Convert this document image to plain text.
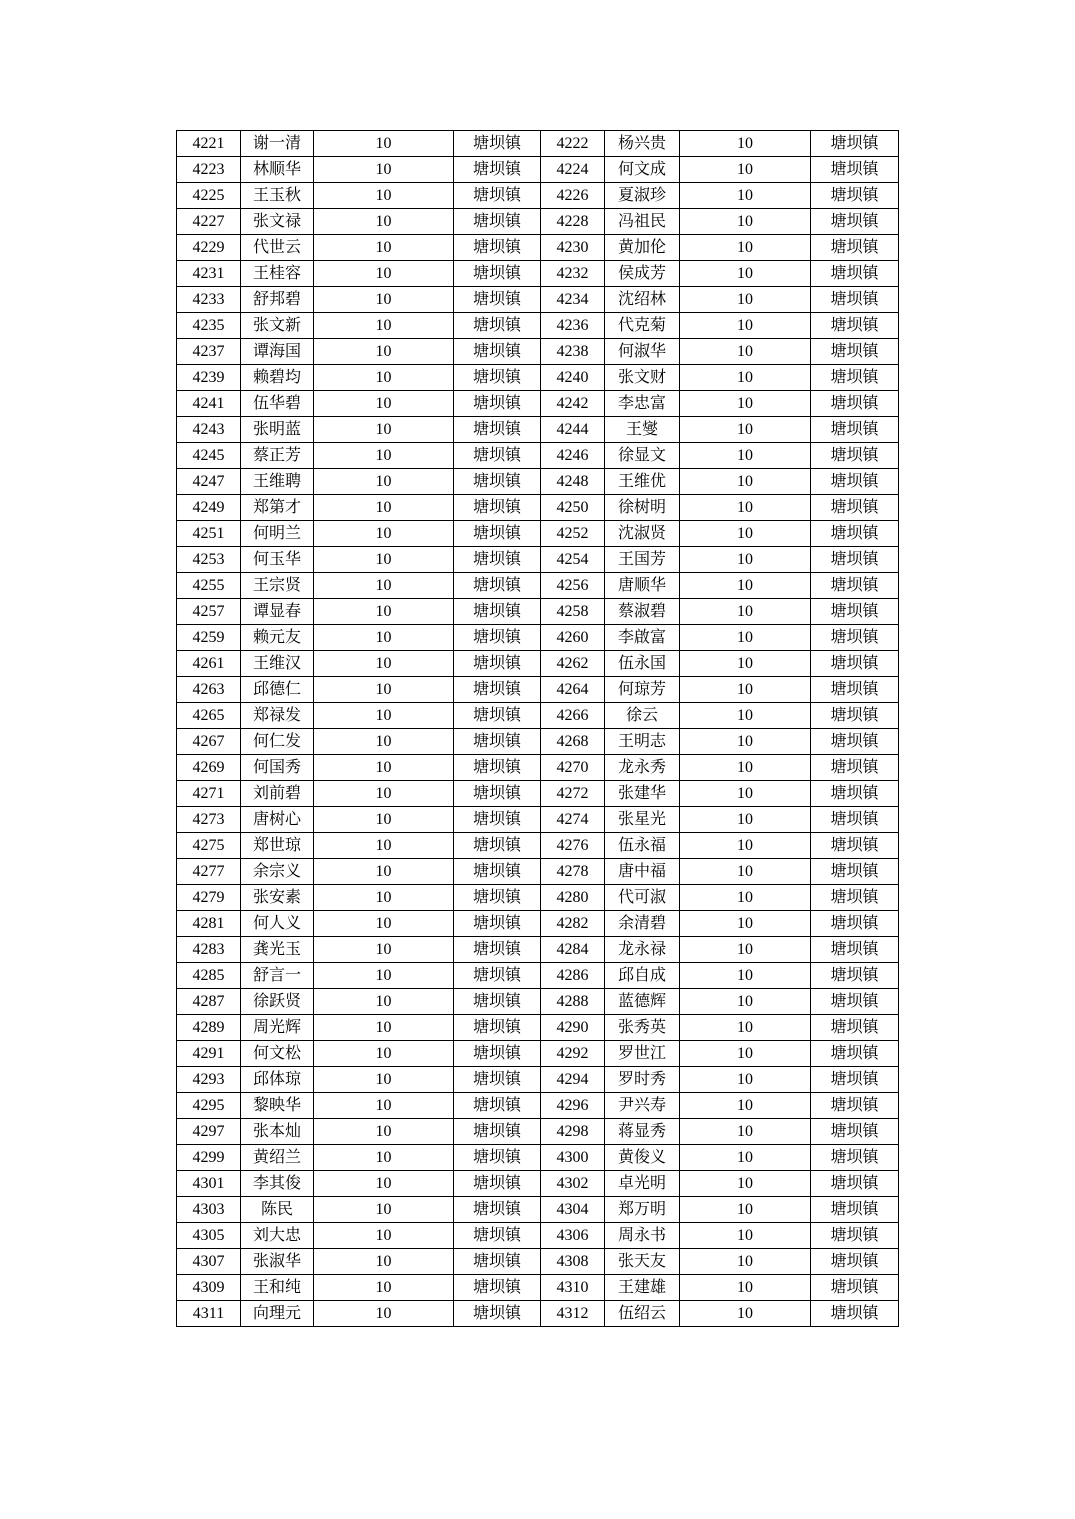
4221	谢一清	10	塘坝镇	4222	杨兴贵	10	塘坝镇
4223	林顺华	10	塘坝镇	4224	何文成	10	塘坝镇
4225	王玉秋	10	塘坝镇	4226	夏淑珍	10	塘坝镇
4227	张文禄	10	塘坝镇	4228	冯祖民	10	塘坝镇
4229	代世云	10	塘坝镇	4230	黄加伦	10	塘坝镇
4231	王桂容	10	塘坝镇	4232	侯成芳	10	塘坝镇
4233	舒邦碧	10	塘坝镇	4234	沈绍林	10	塘坝镇
4235	张文新	10	塘坝镇	4236	代克菊	10	塘坝镇
4237	谭海国	10	塘坝镇	4238	何淑华	10	塘坝镇
4239	赖碧均	10	塘坝镇	4240	张文财	10	塘坝镇
4241	伍华碧	10	塘坝镇	4242	李忠富	10	塘坝镇
4243	张明蓝	10	塘坝镇	4244	王燮	10	塘坝镇
4245	蔡正芳	10	塘坝镇	4246	徐显文	10	塘坝镇
4247	王维聘	10	塘坝镇	4248	王维优	10	塘坝镇
4249	郑第才	10	塘坝镇	4250	徐树明	10	塘坝镇
4251	何明兰	10	塘坝镇	4252	沈淑贤	10	塘坝镇
4253	何玉华	10	塘坝镇	4254	王国芳	10	塘坝镇
4255	王宗贤	10	塘坝镇	4256	唐顺华	10	塘坝镇
4257	谭显春	10	塘坝镇	4258	蔡淑碧	10	塘坝镇
4259	赖元友	10	塘坝镇	4260	李啟富	10	塘坝镇
4261	王维汉	10	塘坝镇	4262	伍永国	10	塘坝镇
4263	邱德仁	10	塘坝镇	4264	何琼芳	10	塘坝镇
4265	郑禄发	10	塘坝镇	4266	徐云	10	塘坝镇
4267	何仁发	10	塘坝镇	4268	王明志	10	塘坝镇
4269	何国秀	10	塘坝镇	4270	龙永秀	10	塘坝镇
4271	刘前碧	10	塘坝镇	4272	张建华	10	塘坝镇
4273	唐树心	10	塘坝镇	4274	张星光	10	塘坝镇
4275	郑世琼	10	塘坝镇	4276	伍永福	10	塘坝镇
4277	余宗义	10	塘坝镇	4278	唐中福	10	塘坝镇
4279	张安素	10	塘坝镇	4280	代可淑	10	塘坝镇
4281	何人义	10	塘坝镇	4282	余清碧	10	塘坝镇
4283	龚光玉	10	塘坝镇	4284	龙永禄	10	塘坝镇
4285	舒言一	10	塘坝镇	4286	邱自成	10	塘坝镇
4287	徐跃贤	10	塘坝镇	4288	蓝德辉	10	塘坝镇
4289	周光辉	10	塘坝镇	4290	张秀英	10	塘坝镇
4291	何文松	10	塘坝镇	4292	罗世江	10	塘坝镇
4293	邱体琼	10	塘坝镇	4294	罗时秀	10	塘坝镇
4295	黎映华	10	塘坝镇	4296	尹兴寿	10	塘坝镇
4297	张本灿	10	塘坝镇	4298	蒋显秀	10	塘坝镇
4299	黄绍兰	10	塘坝镇	4300	黄俊义	10	塘坝镇
4301	李其俊	10	塘坝镇	4302	卓光明	10	塘坝镇
4303	陈民	10	塘坝镇	4304	郑万明	10	塘坝镇
4305	刘大忠	10	塘坝镇	4306	周永书	10	塘坝镇
4307	张淑华	10	塘坝镇	4308	张天友	10	塘坝镇
4309	王和纯	10	塘坝镇	4310	王建雄	10	塘坝镇
4311	向理元	10	塘坝镇	4312	伍绍云	10	塘坝镇
